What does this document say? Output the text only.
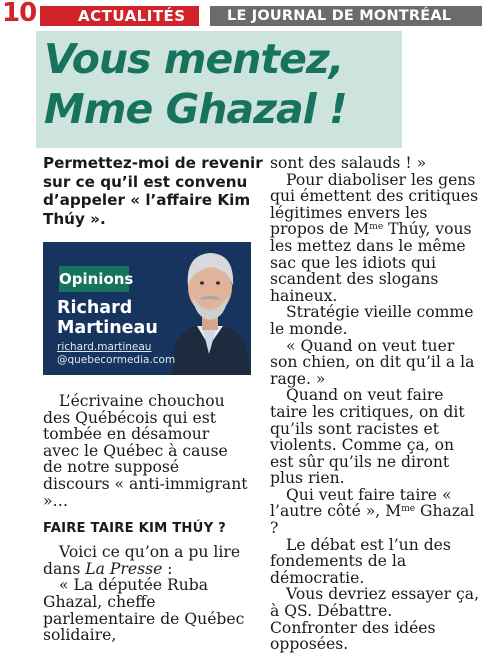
10	ACTUALITÉS	LE JOURNAL DE MONTRÉAL
Vous mentez,
Mme Ghazal !
Permettez-moi de revenir sur ce qu’il est convenu d’appeler « l’affaire Kim Thúy ».
Opinions
Richard
Martineau
richard.martineau
@quebecormedia.com

L’écrivaine chouchou des Québécois qui est tombée en désamour avec le Québec à cause de notre supposé discours « anti-immigrant »…

FAIRE TAIRE KIM THÚY ?

Voici ce qu’on a pu lire dans La Presse :

« La députée Ruba Ghazal, cheffe parlementaire de Québec solidaire,

sont des salauds ! »

Pour diaboliser les gens qui émettent des critiques légitimes envers les propos de $M^{me}$ Thúy, vous les mettez dans le même sac que les idiots qui scandent des slogans haineux.

Stratégie vieille comme le monde.

« Quand on veut tuer son chien, on dit qu’il a la rage. »

Quand on veut faire taire les critiques, on dit qu’ils sont racistes et violents. Comme ça, on est sûr qu’ils ne diront plus rien.

Qui veut faire taire « l’autre côté », $M^{me}$ Ghazal ?

Le débat est l’un des fondements de la démocratie.

Vous devriez essayer ça, à QS. Débattre. Confronter des idées opposées.
